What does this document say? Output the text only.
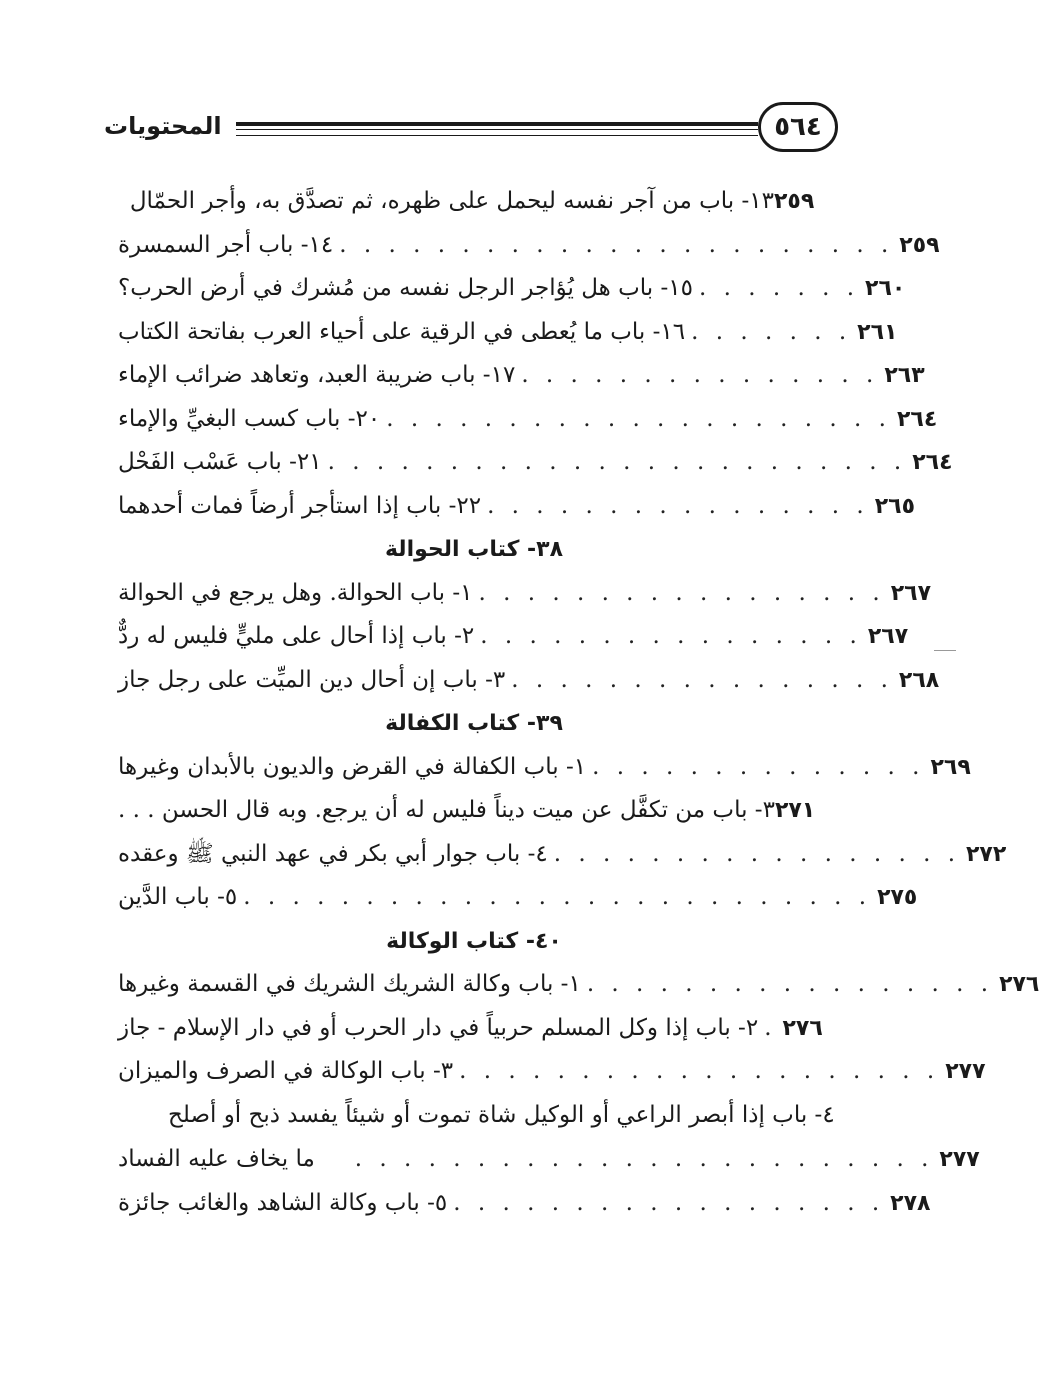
المحتويات	٥٦٤
١٣- باب من آجر نفسه ليحمل على ظهره، ثم تصدَّق به، وأجر الحمّال ٢٥٩
١٤- باب أجر السمسرة . . . . . . . . . . . . . . . . . . . . . . . ٢٥٩
١٥- باب هل يُؤاجر الرجل نفسه من مُشرك في أرض الحرب؟ . . . . . . . ٢٦٠
١٦- باب ما يُعطى في الرقية على أحياء العرب بفاتحة الكتاب . . . . . . . ٢٦١
١٧- باب ضريبة العبد، وتعاهد ضرائب الإماء . . . . . . . . . . . . . . . ٢٦٣
٢٠- باب كسب البغيِّ والإماء . . . . . . . . . . . . . . . . . . . . . ٢٦٤
٢١- باب عَسْب الفَحْل . . . . . . . . . . . . . . . . . . . . . . . . ٢٦٤
٢٢- باب إذا استأجر أرضاً فمات أحدهما . . . . . . . . . . . . . . . . ٢٦٥
٣٨- كتاب الحوالة
١- باب الحوالة. وهل يرجع في الحوالة . . . . . . . . . . . . . . . . . ٢٦٧
٢- باب إذا أحال على مليٍّ فليس له ردٌّ . . . . . . . . . . . . . . . . ٢٦٧
٣- باب إن أحال دين الميِّت على رجل جاز . . . . . . . . . . . . . . . . ٢٦٨
٣٩- كتاب الكفالة
١- باب الكفالة في القرض والديون بالأبدان وغيرها . . . . . . . . . . . . . . ٢٦٩
٣- باب من تكفَّل عن ميت ديناً فليس له أن يرجع. وبه قال الحسن . . . ٢٧١
٤- باب جوار أبي بكر في عهد النبي ﷺ وعقده . . . . . . . . . . . . . . . . . ٢٧٢
٥- باب الدَّين . . . . . . . . . . . . . . . . . . . . . . . . . . ٢٧٥
٤٠- كتاب الوكالة
١- باب وكالة الشريك الشريك في القسمة وغيرها . . . . . . . . . . . . . . . . . ٢٧٦
٢- باب إذا وكل المسلم حربياً في دار الحرب أو في دار الإسلام - جاز . ٢٧٦
٣- باب الوكالة في الصرف والميزان . . . . . . . . . . . . . . . . . . . . ٢٧٧
٤- باب إذا أبصر الراعي أو الوكيل شاة تموت أو شيئاً يفسد ذبح أو أصلح
ما يخاف عليه الفساد	. . . . . . . . . . . . . . . . . . . . . . . . ٢٧٧
٥- باب وكالة الشاهد والغائب جائزة . . . . . . . . . . . . . . . . . . ٢٧٨
